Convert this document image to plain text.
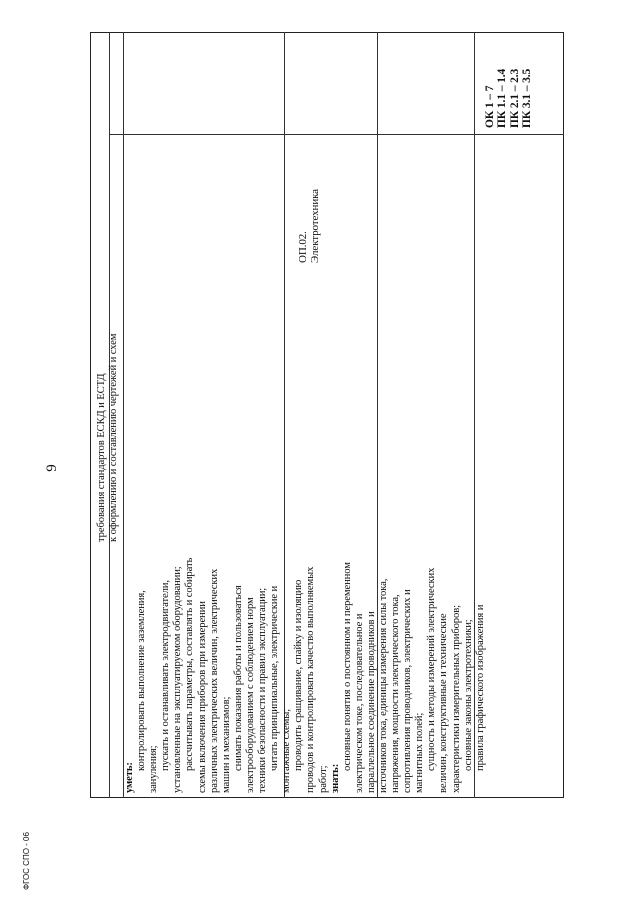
9
ФГОС СПО - 06
требования стандартов ЕСКД и ЕСТД к оформлению и составлению чертежей и схем
уметь:
контролировать выполнение заземления, зануления; пускать и останавливать электродвигатели, установленные на эксплуатируемом оборудовании; рассчитывать параметры, составлять и собирать схемы включения приборов при измерении различных электрических величин, электрических машин и механизмов; снимать показания работы и пользоваться электрооборудованием с соблюдением норм техники безопасности и правил эксплуатации; читать принципиальные, электрические и монтажные схемы; проводить сращивание, спайку и изоляцию проводов и контролировать качество выполняемых работ; знать:
основные понятия о постоянном и переменном электрическом токе, последовательное и параллельное соединение проводников и источников тока, единицы измерения силы тока, напряжения, мощности электрического тока, сопротивления проводников, электрических и магнитных полей; сущность и методы измерений электрических величин, конструктивные и технические характеристики измерительных приборов; основные законы электротехники; правила графического изображения и
ОП.02. Электротехника
ОК 1 – 7 ПК 1.1 – 1.4 ПК 2.1 – 2.3 ПК 3.1 – 3.5
